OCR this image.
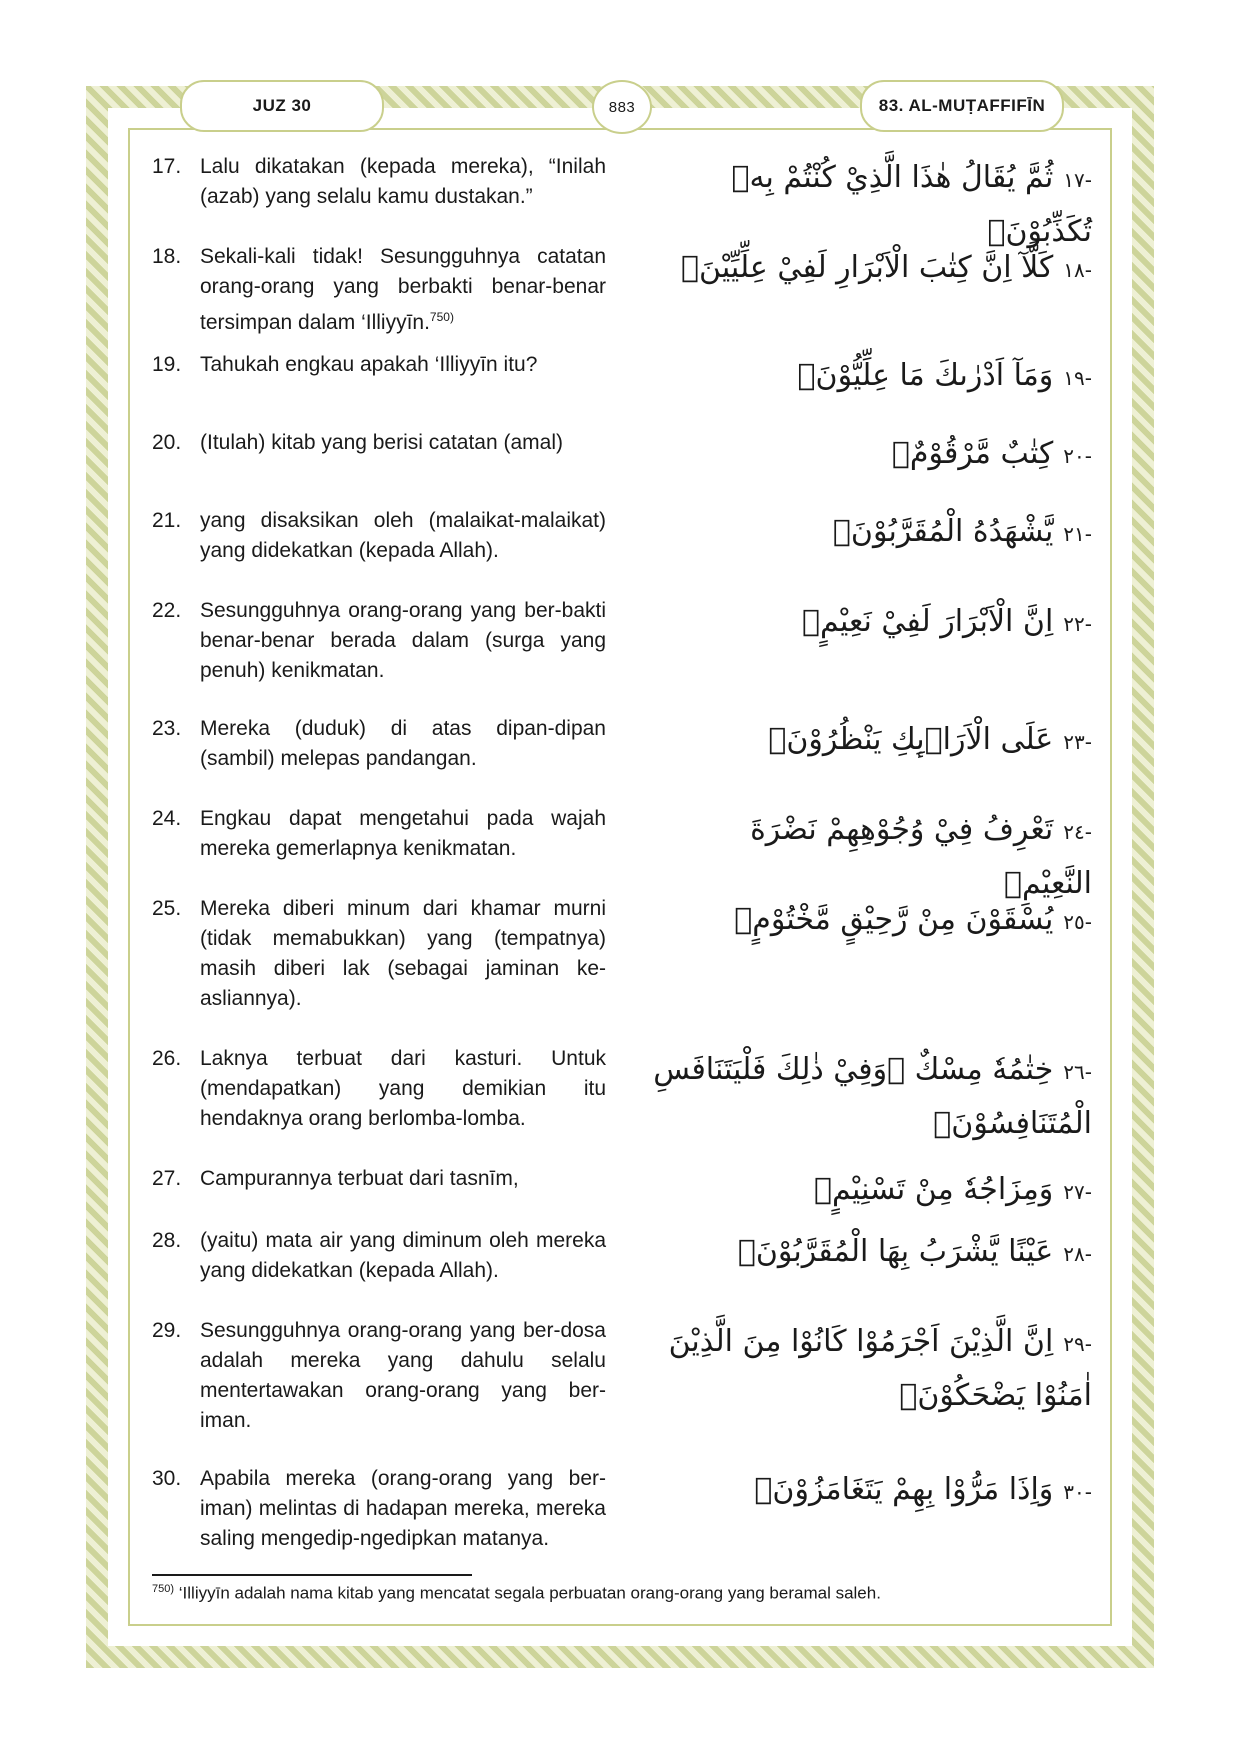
JUZ 30	883	83. AL-MUṬAFFIFĪN
17. Lalu dikatakan (kepada mereka), “Inilah (azab) yang selalu kamu dustakan.”
-١٧ثُمَّ يُقَالُ هٰذَا الَّذِيْ كُنْتُمْ بِهٖ تُكَذِّبُوْنَۗ
18. Sekali-kali tidak! Sesungguhnya catatan orang-orang yang berbakti benar-benar tersimpan dalam ‘Illiyyīn.$^{750)}$
-١٨كَلَّآ اِنَّ كِتٰبَ الْاَبْرَارِ لَفِيْ عِلِّيِّيْنَۗ
19. Tahukah engkau apakah ‘Illiyyīn itu?
-١٩وَمَآ اَدْرٰىكَ مَا عِلِّيُّوْنَۗ
20. (Itulah) kitab yang berisi catatan (amal)
-٢٠كِتٰبٌ مَّرْقُوْمٌۙ
21. yang disaksikan oleh (malaikat-malaikat) yang didekatkan (kepada Allah).
-٢١يَّشْهَدُهُ الْمُقَرَّبُوْنَۗ
22. Sesungguhnya orang-orang yang ber-bakti benar-benar berada dalam (surga yang penuh) kenikmatan.
-٢٢اِنَّ الْاَبْرَارَ لَفِيْ نَعِيْمٍۙ
23. Mereka (duduk) di atas dipan-dipan (sambil) melepas pandangan.
-٢٣عَلَى الْاَرَاۤىِٕكِ يَنْظُرُوْنَۙ
24. Engkau dapat mengetahui pada wajah mereka gemerlapnya kenikmatan.
-٢٤تَعْرِفُ فِيْ وُجُوْهِهِمْ نَضْرَةَ النَّعِيْمِۚ
25. Mereka diberi minum dari khamar murni (tidak memabukkan) yang (tempatnya) masih diberi lak (sebagai jaminan ke-asliannya).
-٢٥يُسْقَوْنَ مِنْ رَّحِيْقٍ مَّخْتُوْمٍۙ
26. Laknya terbuat dari kasturi. Untuk (mendapatkan) yang demikian itu hendaknya orang berlomba-lomba.
-٢٦خِتٰمُهٗ مِسْكٌ ۗوَفِيْ ذٰلِكَ فَلْيَتَنَافَسِ الْمُتَنَافِسُوْنَۗ
27. Campurannya terbuat dari tasnīm,
-٢٧وَمِزَاجُهٗ مِنْ تَسْنِيْمٍۙ
28. (yaitu) mata air yang diminum oleh mereka yang didekatkan (kepada Allah).
-٢٨عَيْنًا يَّشْرَبُ بِهَا الْمُقَرَّبُوْنَۗ
29. Sesungguhnya orang-orang yang ber-dosa adalah mereka yang dahulu selalu mentertawakan orang-orang yang ber-iman.
-٢٩اِنَّ الَّذِيْنَ اَجْرَمُوْا كَانُوْا مِنَ الَّذِيْنَ اٰمَنُوْا يَضْحَكُوْنَۖ
30. Apabila mereka (orang-orang yang ber-iman) melintas di hadapan mereka, mereka saling mengedip-ngedipkan matanya.
-٣٠وَاِذَا مَرُّوْا بِهِمْ يَتَغَامَزُوْنَۖ
$^{750)}$ ‘Illiyyīn adalah nama kitab yang mencatat segala perbuatan orang-orang yang beramal saleh.
